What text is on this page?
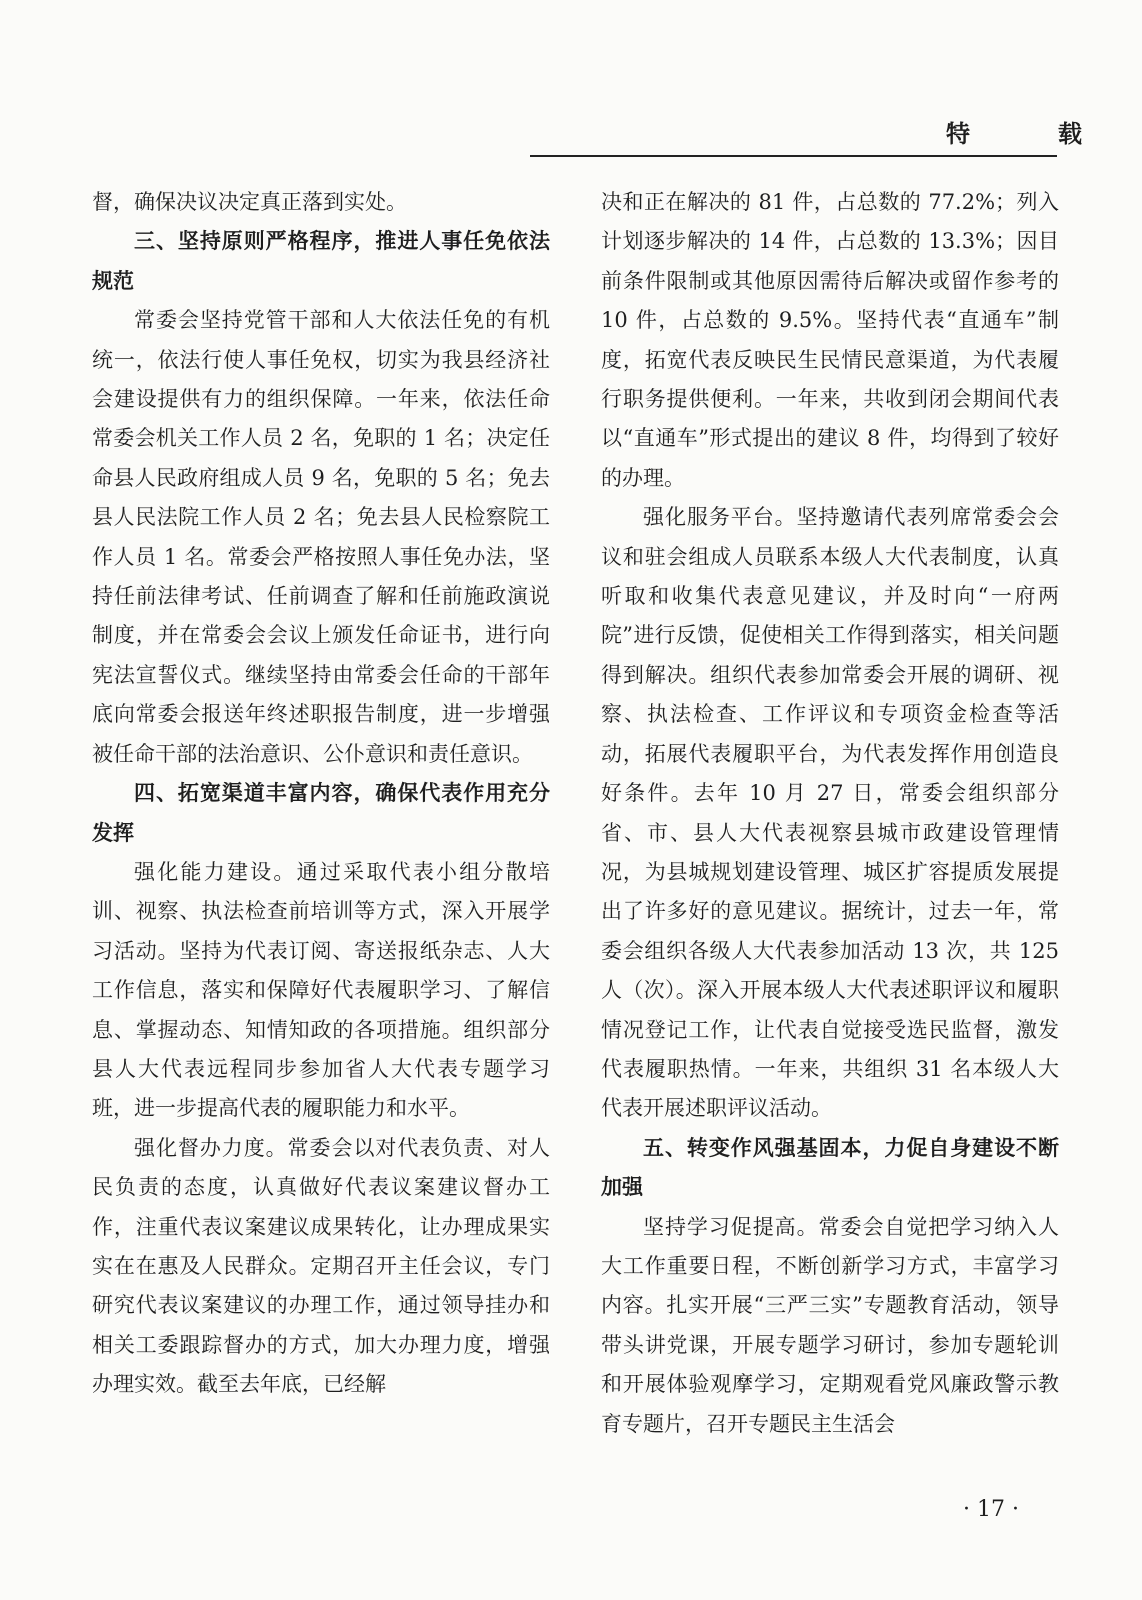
特　载

督，确保决议决定真正落到实处。

三、坚持原则严格程序，推进人事任免依法规范

常委会坚持党管干部和人大依法任免的有机统一，依法行使人事任免权，切实为我县经济社会建设提供有力的组织保障。一年来，依法任命常委会机关工作人员 2 名，免职的 1 名；决定任命县人民政府组成人员 9 名，免职的 5 名；免去县人民法院工作人员 2 名；免去县人民检察院工作人员 1 名。常委会严格按照人事任免办法，坚持任前法律考试、任前调查了解和任前施政演说制度，并在常委会会议上颁发任命证书，进行向宪法宣誓仪式。继续坚持由常委会任命的干部年底向常委会报送年终述职报告制度，进一步增强被任命干部的法治意识、公仆意识和责任意识。

四、拓宽渠道丰富内容，确保代表作用充分发挥

强化能力建设。通过采取代表小组分散培训、视察、执法检查前培训等方式，深入开展学习活动。坚持为代表订阅、寄送报纸杂志、人大工作信息，落实和保障好代表履职学习、了解信息、掌握动态、知情知政的各项措施。组织部分县人大代表远程同步参加省人大代表专题学习班，进一步提高代表的履职能力和水平。

强化督办力度。常委会以对代表负责、对人民负责的态度，认真做好代表议案建议督办工作，注重代表议案建议成果转化，让办理成果实实在在惠及人民群众。定期召开主任会议，专门研究代表议案建议的办理工作，通过领导挂办和相关工委跟踪督办的方式，加大办理力度，增强办理实效。截至去年底，已经解

决和正在解决的 81 件，占总数的 77.2%；列入计划逐步解决的 14 件，占总数的 13.3%；因目前条件限制或其他原因需待后解决或留作参考的 10 件，占总数的 9.5%。坚持代表“直通车”制度，拓宽代表反映民生民情民意渠道，为代表履行职务提供便利。一年来，共收到闭会期间代表以“直通车”形式提出的建议 8 件，均得到了较好的办理。

强化服务平台。坚持邀请代表列席常委会会议和驻会组成人员联系本级人大代表制度，认真听取和收集代表意见建议，并及时向“一府两院”进行反馈，促使相关工作得到落实，相关问题得到解决。组织代表参加常委会开展的调研、视察、执法检查、工作评议和专项资金检查等活动，拓展代表履职平台，为代表发挥作用创造良好条件。去年 10 月 27 日，常委会组织部分省、市、县人大代表视察县城市政建设管理情况，为县城规划建设管理、城区扩容提质发展提出了许多好的意见建议。据统计，过去一年，常委会组织各级人大代表参加活动 13 次，共 125 人（次）。深入开展本级人大代表述职评议和履职情况登记工作，让代表自觉接受选民监督，激发代表履职热情。一年来，共组织 31 名本级人大代表开展述职评议活动。

五、转变作风强基固本，力促自身建设不断加强

坚持学习促提高。常委会自觉把学习纳入人大工作重要日程，不断创新学习方式，丰富学习内容。扎实开展“三严三实”专题教育活动，领导带头讲党课，开展专题学习研讨，参加专题轮训和开展体验观摩学习，定期观看党风廉政警示教育专题片，召开专题民主生活会

· 17 ·
